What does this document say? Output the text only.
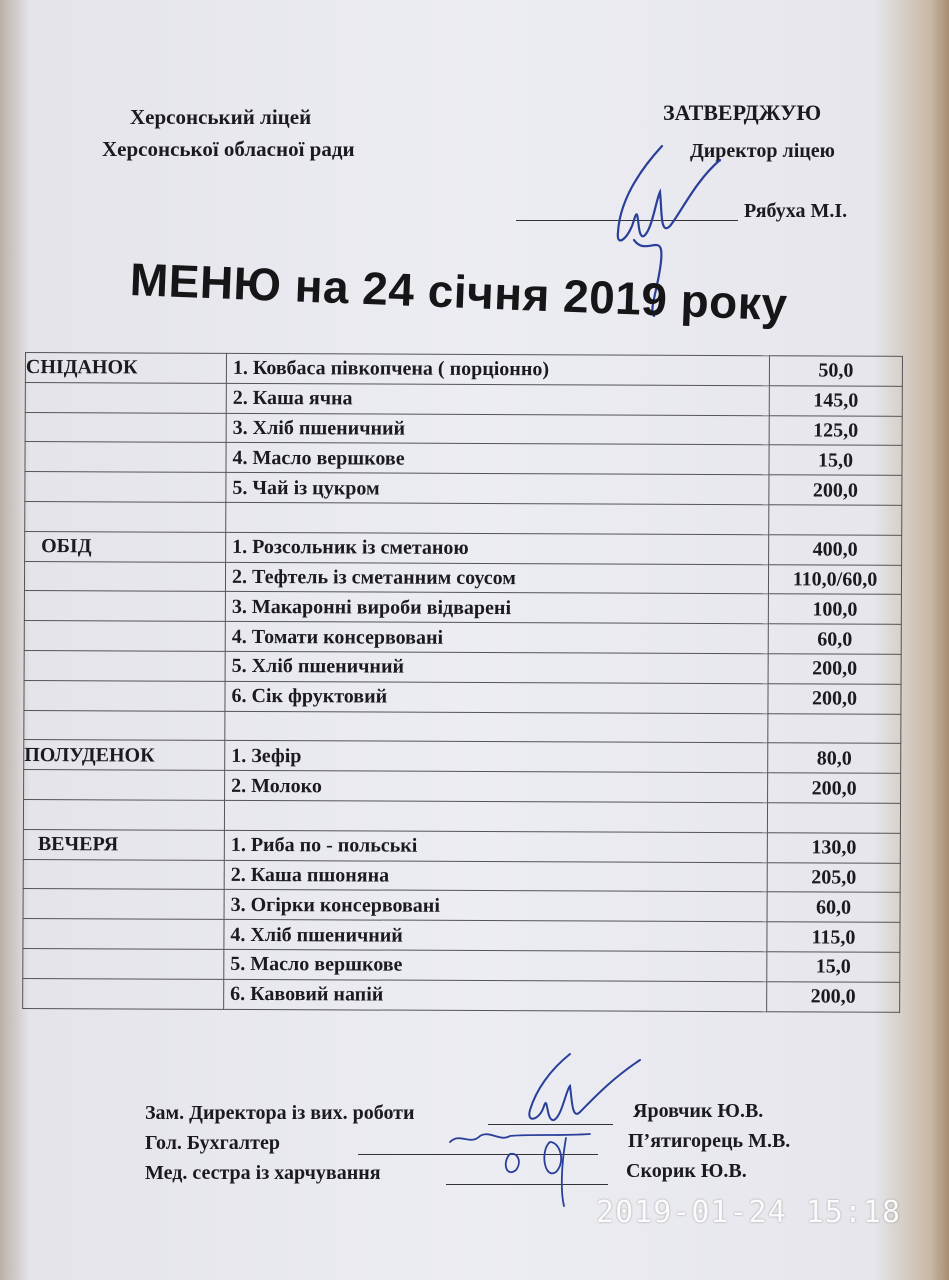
Херсонський ліцей
Херсонської обласної ради
ЗАТВЕРДЖУЮ
Директор ліцею
Рябуха М.І.
МЕНЮ на 24 січня 2019 року
СНІДАНОК	1. Ковбаса півкопчена ( порціонно)	50,0
	2. Каша ячна	145,0
	3. Хліб пшеничний	125,0
	4. Масло вершкове	15,0
	5. Чай із цукром	200,0

ОБІД	1. Розсольник із сметаною	400,0
	2. Тефтель із сметанним соусом	110,0/60,0
	3. Макаронні вироби відварені	100,0
	4. Томати консервовані	60,0
	5. Хліб пшеничний	200,0
	6. Сік фруктовий	200,0

ПОЛУДЕНОК	1. Зефір	80,0
	2. Молоко	200,0

ВЕЧЕРЯ	1. Риба по - польські	130,0
	2. Каша пшоняна	205,0
	3. Огірки консервовані	60,0
	4. Хліб пшеничний	115,0
	5. Масло вершкове	15,0
	6. Кавовий напій	200,0
Зам. Директора із вих. роботи	Яровчик Ю.В.
Гол. Бухгалтер	П’ятигорець М.В.
Мед. сестра із харчування	Скорик Ю.В.
2019-01-24 15:18
